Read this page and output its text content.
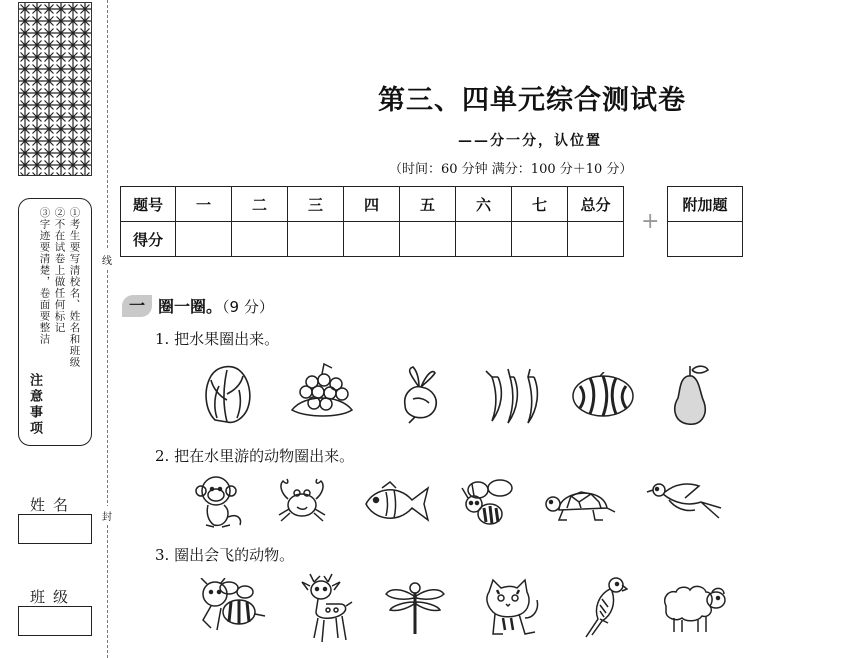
①考生要写清校名、姓名和班级
②不在试卷上做任何标记
③字迹要清楚，卷面要整洁
注意事项
姓名
班级
线
封
第三、四单元综合测试卷
——分一分，认位置
（时间：60 分钟 满分：100 分＋10 分）
题号	一	二	三	四	五	六	七	总分
得分								
+
附加题

一 圈一圈。（9 分）
1. 把水果圈出来。
2. 把在水里游的动物圈出来。
3. 圈出会飞的动物。
